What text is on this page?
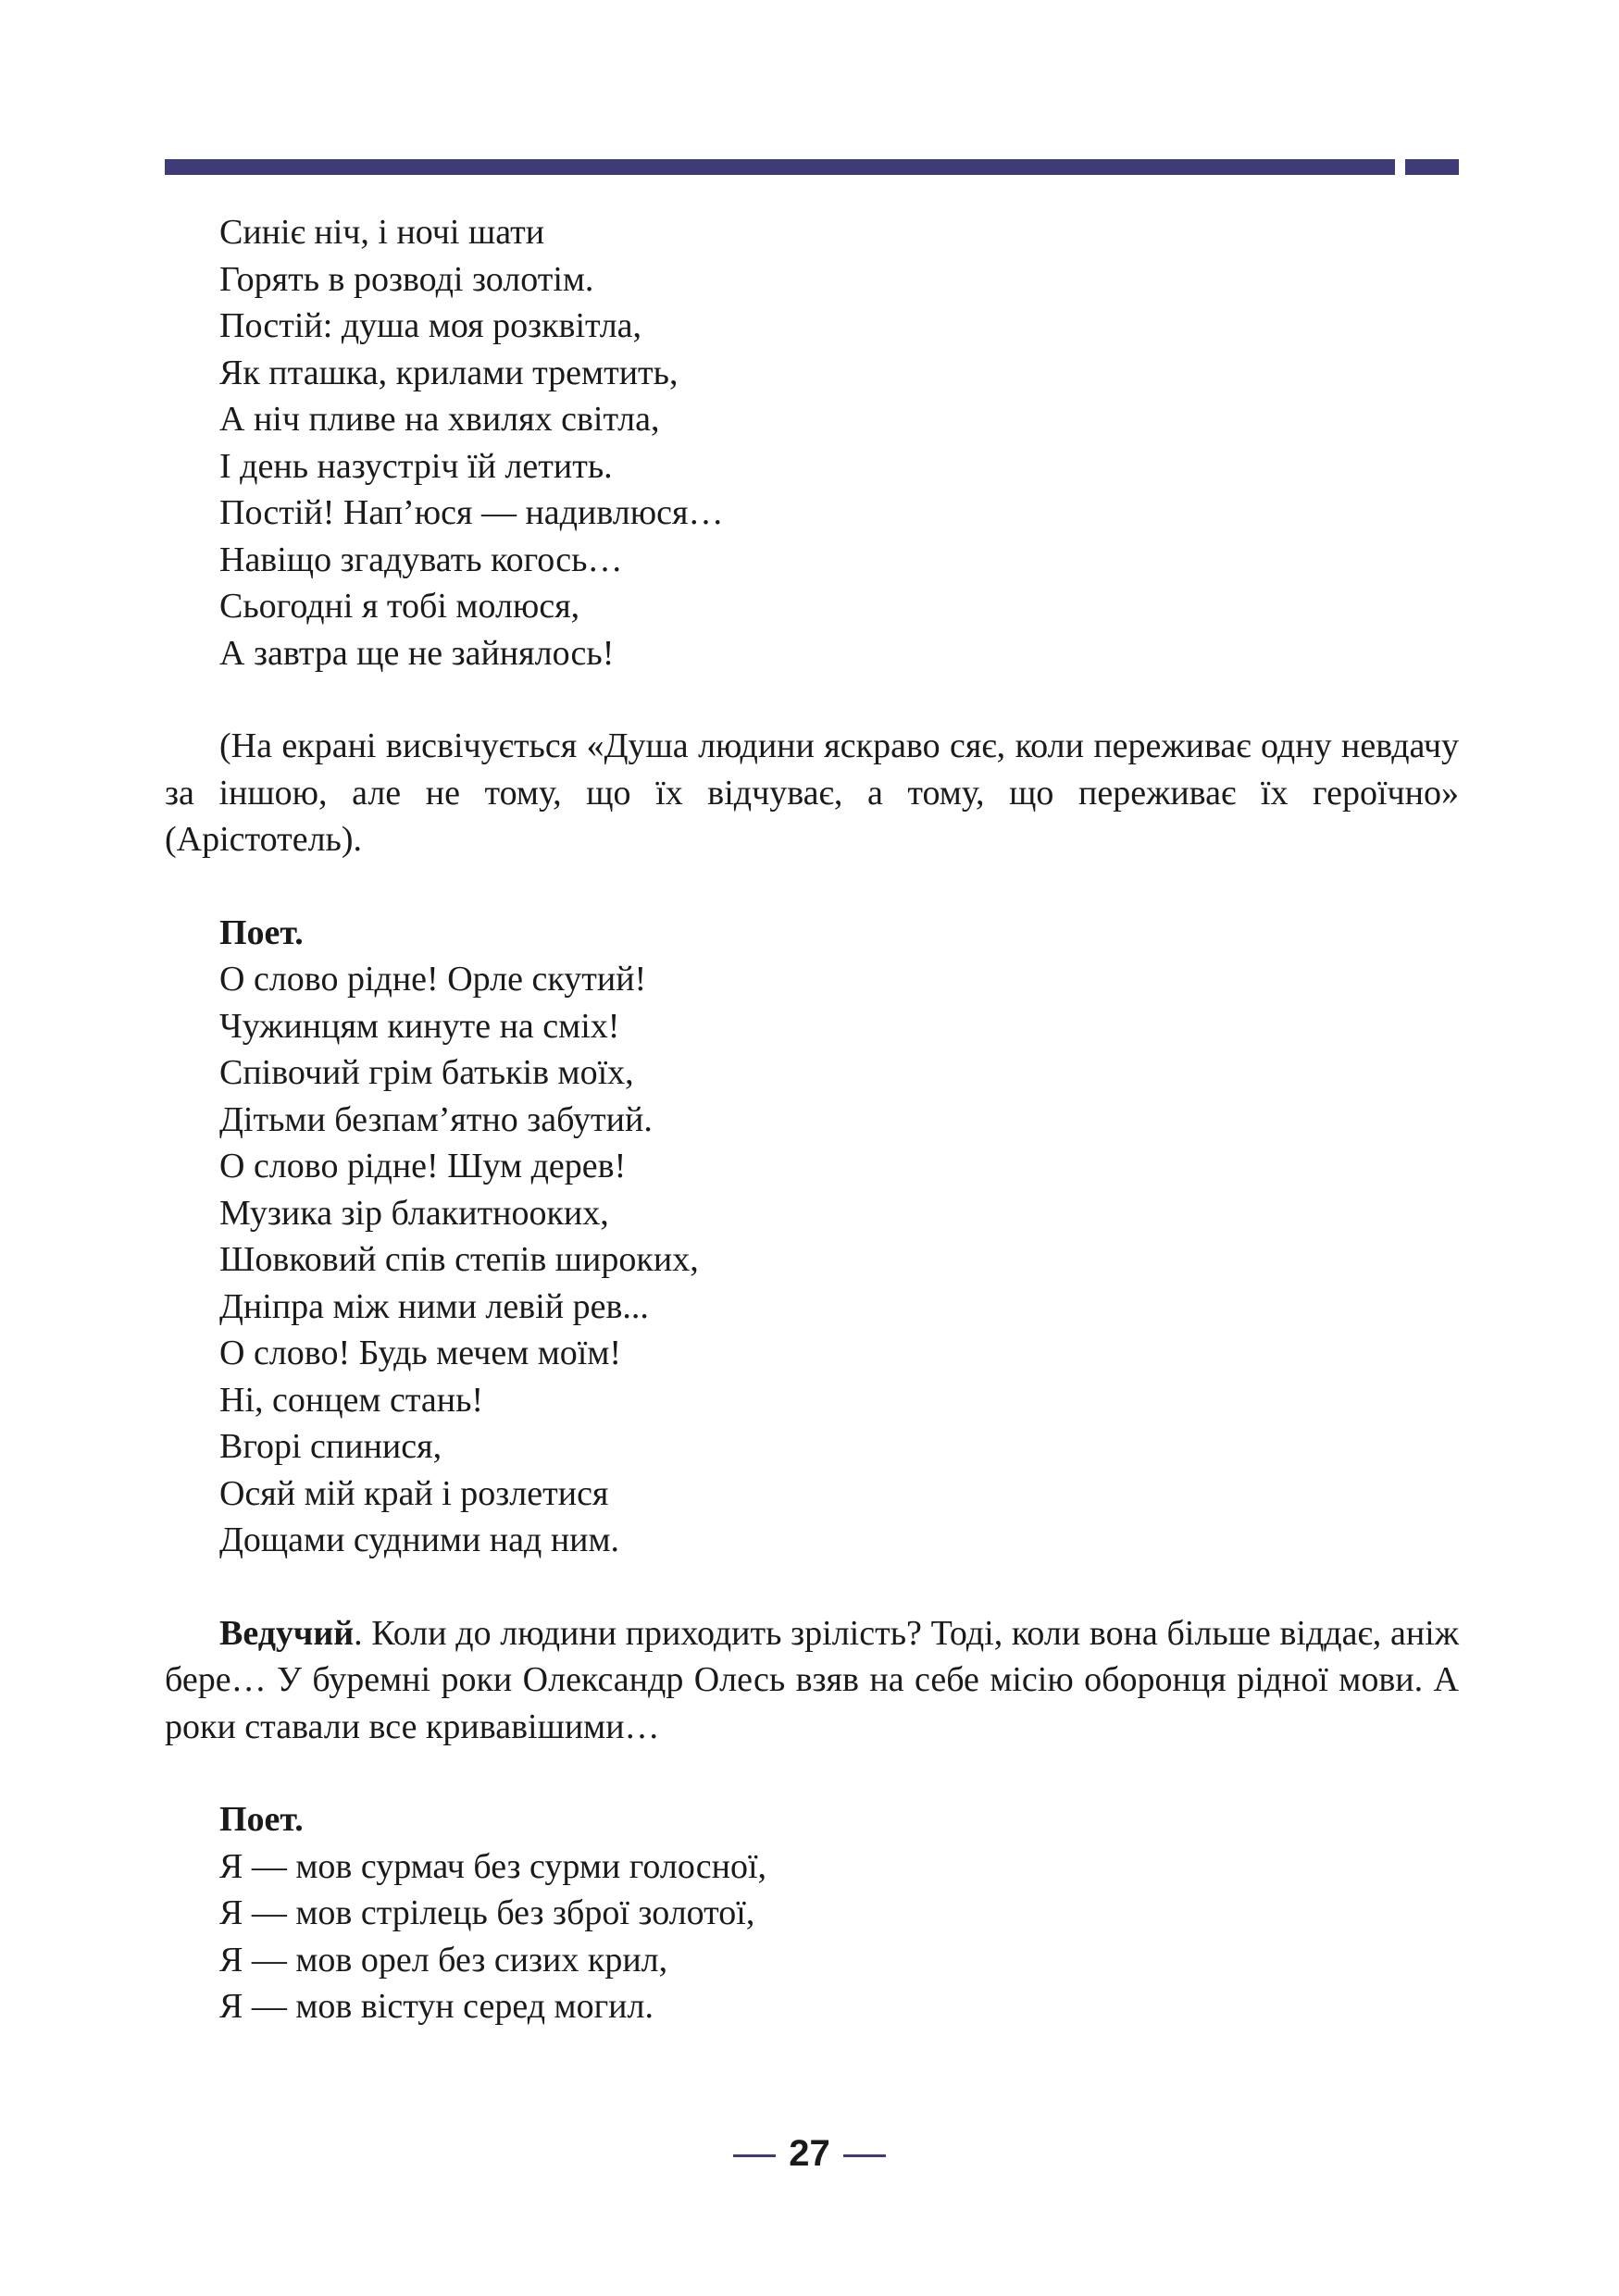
Синіє ніч, і ночі шати
Горять в розводі золотім.
Постій: душа моя розквітла,
Як пташка, крилами тремтить,
А ніч пливе на хвилях світла,
І день назустріч їй летить.
Постій! Нап’юся — надивлюся…
Навіщо згадувать когось…
Сьогодні я тобі молюся,
А завтра ще не зайнялось!

(На екрані висвічується «Душа людини яскраво сяє, коли переживає одну невдачу за іншою, але не тому, що їх відчуває, а тому, що переживає їх героїчно» (Арістотель).

Поет.
О слово рідне! Орле скутий!
Чужинцям кинуте на сміх!
Співочий грім батьків моїх,
Дітьми безпам’ятно забутий.
О слово рідне! Шум дерев!
Музика зір блакитнооких,
Шовковий спів степів широких,
Дніпра між ними левій рев...
О слово! Будь мечем моїм!
Ні, сонцем стань!
Вгорі спинися,
Осяй мій край і розлетися
Дощами судними над ним.

Ведучий. Коли до людини приходить зрілість? Тоді, коли вона більше віддає, аніж бере… У буремні роки Олександр Олесь взяв на себе місію оборонця рідної мови. А роки ставали все кривавішими…

Поет.
Я — мов сурмач без сурми голосної,
Я — мов стрілець без зброї золотої,
Я — мов орел без сизих крил,
Я — мов вістун серед могил.
27
